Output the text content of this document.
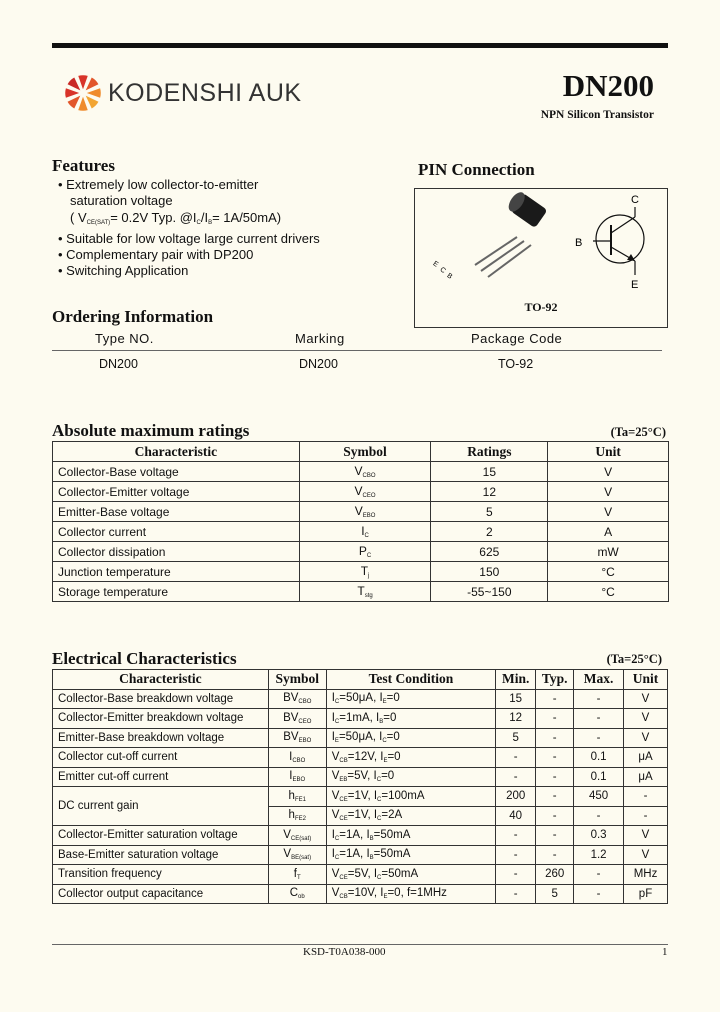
KODENSHI AUK	DN200
NPN Silicon Transistor
Features
• Extremely low collector-to-emitter
saturation voltage
( $V_{CE(SAT)}= 0.2V$ Typ. $@I_C/I_B= 1A/50mA$)
• Suitable for low voltage large current drivers
• Complementary pair with DP200
• Switching Application
PIN Connection
E
C
B
C
B
E
TO-92
Ordering Information
Type NO.	Marking	Package Code
DN200	DN200	TO-92
Absolute maximum ratings	(Ta=25°C)
Characteristic	Symbol	Ratings	Unit
Collector-Base voltage	$V_{CBO}$	15	V
Collector-Emitter voltage	$V_{CEO}$	12	V
Emitter-Base voltage	$V_{EBO}$	5	V
Collector current	$I_C$	2	A
Collector dissipation	$P_C$	625	mW
Junction temperature	$T_j$	150	°C
Storage temperature	$T_{stg}$	-55~150	°C
Electrical Characteristics	(Ta=25°C)
Characteristic	Symbol	Test Condition	Min.	Typ.	Max.	Unit
Collector-Base breakdown voltage	$BV_{CBO}$	$I_C=50\mu A$, $I_E=0$	15	-	-	V
Collector-Emitter breakdown voltage	$BV_{CEO}$	$I_C=1mA$, $I_B=0$	12	-	-	V
Emitter-Base breakdown voltage	$BV_{EBO}$	$I_E=50\mu A$, $I_C=0$	5	-	-	V
Collector cut-off current	$I_{CBO}$	$V_{CB}=12V$, $I_E=0$	-	-	0.1	μA
Emitter cut-off current	$I_{EBO}$	$V_{EB}=5V$, $I_C=0$	-	-	0.1	μA
DC current gain	$h_{FE1}$	$V_{CE}=1V$, $I_C=100mA$	200	-	450	-
	$h_{FE2}$	$V_{CE}=1V$, $I_C=2A$	40	-	-	-
Collector-Emitter saturation voltage	$V_{CE(sat)}$	$I_C=1A$, $I_B=50mA$	-	-	0.3	V
Base-Emitter saturation voltage	$V_{BE(sat)}$	$I_C=1A$, $I_B=50mA$	-	-	1.2	V
Transition frequency	$f_T$	$V_{CE}=5V$, $I_C=50mA$	-	260	-	MHz
Collector output capacitance	$C_{ob}$	$V_{CB}=10V$, $I_E=0$, f=1MHz	-	5	-	pF
KSD-T0A038-000	1
